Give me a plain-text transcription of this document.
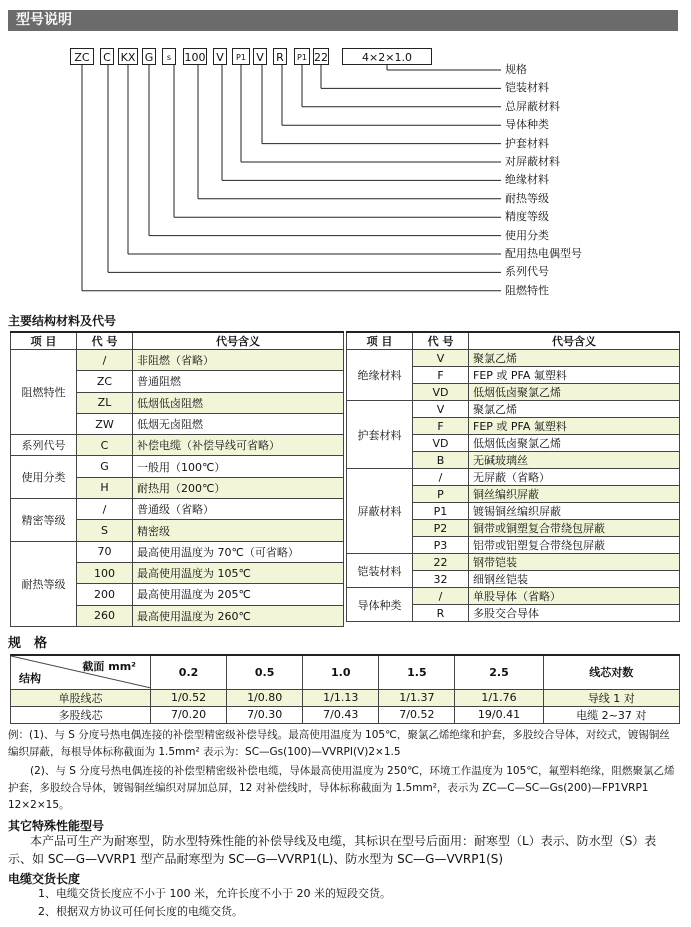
型号说明
ZC	C KX G	s	100 V	P1 V R	P1 22	4×2×1.0
规格
铠装材料
总屏蔽材料
导体种类
护套材料
对屏蔽材料
绝缘材料
耐热等级
精度等级
使用分类
配用热电偶型号
系列代号
阻燃特性
主要结构材料及代号
项 目	代 号	代号含义
阻燃特性	/	非阻燃（省略）
	ZC	普通阻燃
	ZL	低烟低卤阻燃
	ZW	低烟无卤阻燃
系列代号	C	补偿电缆（补偿导线可省略）
使用分类	G	一般用（100℃）
	H	耐热用（200℃）
精密等级	/	普通级（省略）
	S	精密级
耐热等级	70	最高使用温度为 70℃（可省略）
	100	最高使用温度为 105℃
	200	最高使用温度为 205℃
	260	最高使用温度为 260℃
项 目	代 号	代号含义
绝缘材料	V	聚氯乙烯
	F	FEP 或 PFA 氟塑料
	VD	低烟低卤聚氯乙烯
护套材料	V	聚氯乙烯
	F	FEP 或 PFA 氟塑料
	VD	低烟低卤聚氯乙烯
	B	无碱玻璃丝
屏蔽材料	/	无屏蔽（省略）
	P	铜丝编织屏蔽
	P1	镀锡铜丝编织屏蔽
	P2	铜带或铜塑复合带绕包屏蔽
	P3	铝带或铝塑复合带绕包屏蔽
铠装材料	22	钢带铠装
	32	细钢丝铠装
导体种类	/	单股导体（省略）
	R	多股交合导体
规　格
截面 mm²
结构	0.2	0.5	1.0	1.5	2.5	线芯对数
单股线芯	1/0.52	1/0.80	1/1.13	1/1.37	1/1.76	导线 1 对
多股线芯	7/0.20	7/0.30	7/0.43	7/0.52	19/0.41	电缆 2~37 对
例：(1)、与 S 分度号热电偶连接的补偿型精密级补偿导线。最高使用温度为 105℃，聚氯乙烯绝缘和护套，多股绞合导体，对绞式，镀锡铜丝编织屏蔽，每根导体标称截面为 1.5mm² 表示为：SC—Gs(100)—VVRPI(V)2×1.5
(2)、与 S 分度号热电偶连接的补偿型精密级补偿电缆，导体最高使用温度为 250℃，环境工作温度为 105℃，氟塑料绝缘，阻燃聚氯乙烯护套，多股绞合导体，镀锡铜丝编织对屏加总屏，12 对补偿线时，导体标称截面为 1.5mm²，表示为 ZC—C—SC—Gs(200)—FP1VRP1　12×2×15。
其它特殊性能型号
本产品可生产为耐寒型，防水型特殊性能的补偿导线及电缆，其标识在型号后面用：耐寒型（L）表示、防水型（S）表示、如 SC—G—VVRP1 型产品耐寒型为 SC—G—VVRP1(L)、防水型为 SC—G—VVRP1(S)
电缆交货长度
1、电缆交货长度应不小于 100 米，允许长度不小于 20 米的短段交货。
2、根据双方协议可任何长度的电缆交货。
